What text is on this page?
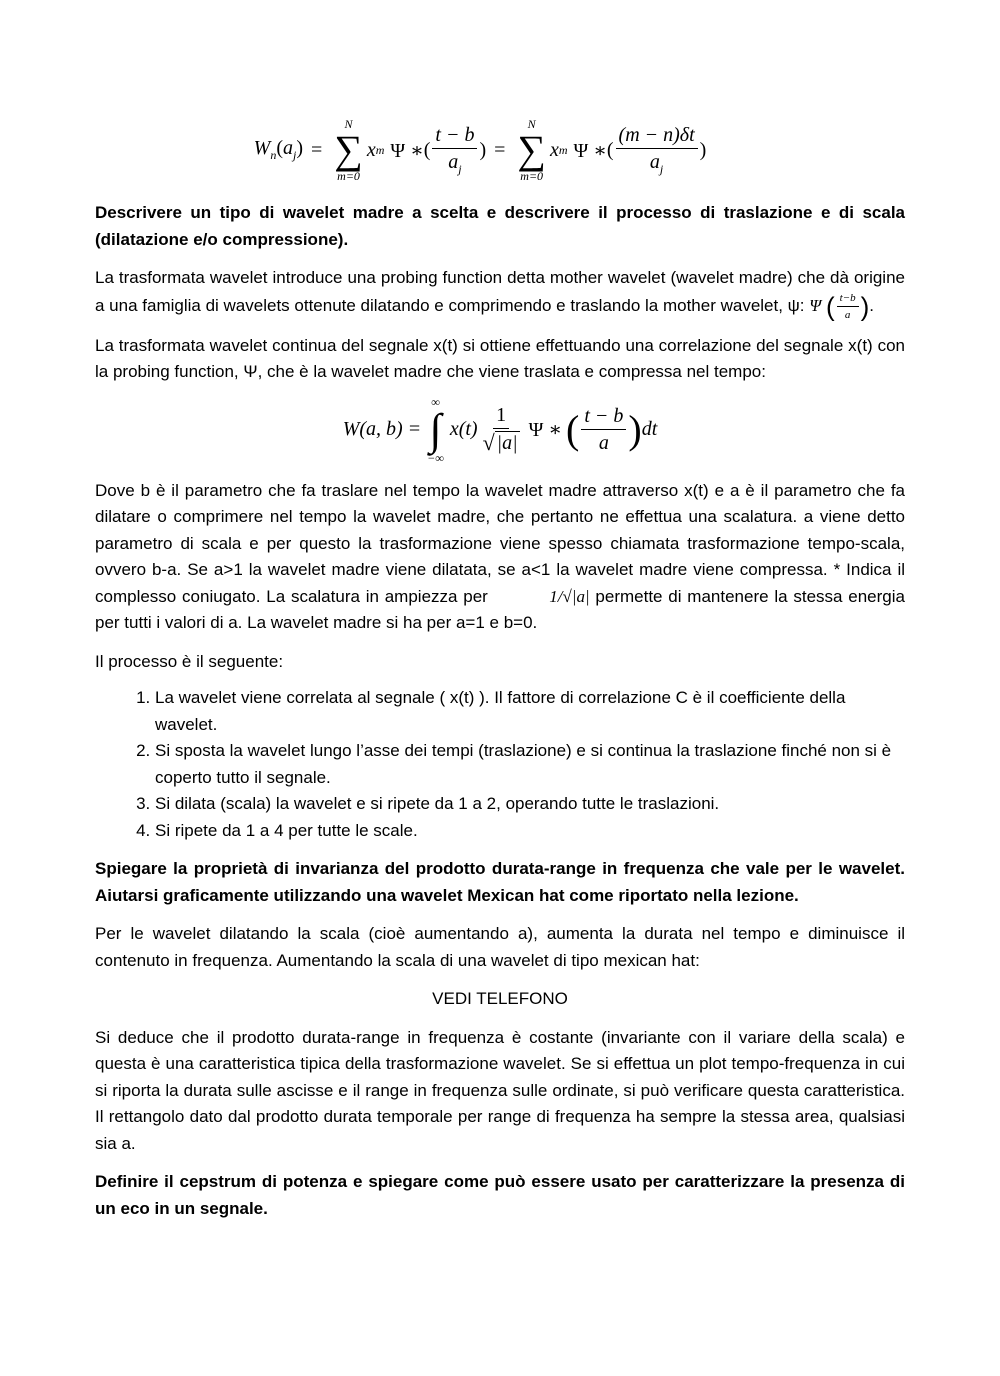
$W_n(a_j)$ =
N
∑
m=0
x m Ψ ∗ ( $\frac{t - b}{a_j}$ ) =
N
∑
m=0
x m Ψ ∗ ( $\frac{(m - n)\delta t}{a_j}$ )

Descrivere un tipo di wavelet madre a scelta e descrivere il processo di traslazione e di scala (dilatazione e/o compressione).

La trasformata wavelet introduce una probing function detta mother wavelet (wavelet madre) che dà origine a una famiglia di wavelets ottenute dilatando e comprimendo e traslando la mother wavelet, ψ: Ψ ( $\frac{t-b}{a}$ ).

La trasformata wavelet continua del segnale x(t) si ottiene effettuando una correlazione del segnale x(t) con la probing function, Ψ, che è la wavelet madre che viene traslata e compressa nel tempo:

W(a, b) =
∞
∫
−∞
$x(t) \frac{1}{√ |a|}$ Ψ ∗ ( $\frac{t - b}{a}$ ) dt

Dove b è il parametro che fa traslare nel tempo la wavelet madre attraverso x(t) e a è il parametro che fa dilatare o comprimere nel tempo la wavelet madre, che pertanto ne effettua una scalatura. a viene detto parametro di scala e per questo la trasformazione viene spesso chiamata trasformazione tempo-scala, ovvero b-a. Se a>1 la wavelet madre viene dilatata, se a<1 la wavelet madre viene compressa. * Indica il complesso coniugato. La scalatura in ampiezza per	1/√|a| permette di mantenere la stessa energia per tutti i valori di a. La wavelet madre si ha per a=1 e b=0.

Il processo è il seguente:

1. La wavelet viene correlata al segnale ( x(t) ). Il fattore di correlazione C è il coefficiente della wavelet.
2. Si sposta la wavelet lungo l’asse dei tempi (traslazione) e si continua la traslazione finché non si è coperto tutto il segnale.
3. Si dilata (scala) la wavelet e si ripete da 1 a 2, operando tutte le traslazioni.
4. Si ripete da 1 a 4 per tutte le scale.

Spiegare la proprietà di invarianza del prodotto durata-range in frequenza che vale per le wavelet. Aiutarsi graficamente utilizzando una wavelet Mexican hat come riportato nella lezione.

Per le wavelet dilatando la scala (cioè aumentando a), aumenta la durata nel tempo e diminuisce il contenuto in frequenza. Aumentando la scala di una wavelet di tipo mexican hat:

VEDI TELEFONO

Si deduce che il prodotto durata-range in frequenza è costante (invariante con il variare della scala) e questa è una caratteristica tipica della trasformazione wavelet. Se si effettua un plot tempo-frequenza in cui si riporta la durata sulle ascisse e il range in frequenza sulle ordinate, si può verificare questa caratteristica. Il rettangolo dato dal prodotto durata temporale per range di frequenza ha sempre la stessa area, qualsiasi sia a.

Definire il cepstrum di potenza e spiegare come può essere usato per caratterizzare la presenza di un eco in un segnale.
